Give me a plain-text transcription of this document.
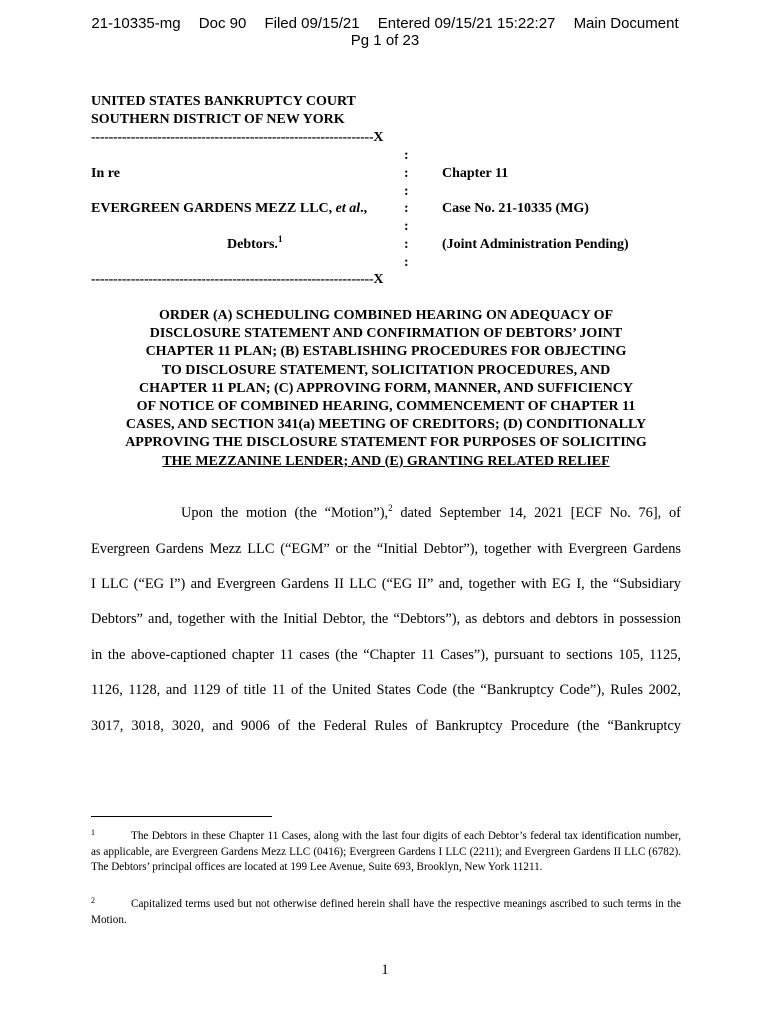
21-10335-mg Doc 90 Filed 09/15/21 Entered 09/15/21 15:22:27 Main Document
Pg 1 of 23
UNITED STATES BANKRUPTCY COURT
SOUTHERN DISTRICT OF NEW YORK
----------------------------------------------------------------X
:
:
:
:
:
:
:
In re
EVERGREEN GARDENS MEZZ LLC, et al.,
Debtors.$^1$
Chapter 11
Case No. 21-10335 (MG)
(Joint Administration Pending)
----------------------------------------------------------------X
ORDER (A) SCHEDULING COMBINED HEARING ON ADEQUACY OF
DISCLOSURE STATEMENT AND CONFIRMATION OF DEBTORS’ JOINT
CHAPTER 11 PLAN; (B) ESTABLISHING PROCEDURES FOR OBJECTING
TO DISCLOSURE STATEMENT, SOLICITATION PROCEDURES, AND
CHAPTER 11 PLAN; (C) APPROVING FORM, MANNER, AND SUFFICIENCY
OF NOTICE OF COMBINED HEARING, COMMENCEMENT OF CHAPTER 11
CASES, AND SECTION 341(a) MEETING OF CREDITORS; (D) CONDITIONALLY
APPROVING THE DISCLOSURE STATEMENT FOR PURPOSES OF SOLICITING
THE MEZZANINE LENDER; AND (E) GRANTING RELATED RELIEF
Upon the motion (the “Motion”),$^2$ dated September 14, 2021 [ECF No. 76], of
Evergreen Gardens Mezz LLC (“EGM” or the “Initial Debtor”), together with Evergreen Gardens
I LLC (“EG I”) and Evergreen Gardens II LLC (“EG II” and, together with EG I, the “Subsidiary
Debtors” and, together with the Initial Debtor, the “Debtors”), as debtors and debtors in possession
in the above-captioned chapter 11 cases (the “Chapter 11 Cases”), pursuant to sections 105, 1125,
1126, 1128, and 1129 of title 11 of the United States Code (the “Bankruptcy Code”), Rules 2002,
3017, 3018, 3020, and 9006 of the Federal Rules of Bankruptcy Procedure (the “Bankruptcy

$^1$	The Debtors in these Chapter 11 Cases, along with the last four digits of each Debtor’s federal tax identification number, as applicable, are Evergreen Gardens Mezz LLC (0416); Evergreen Gardens I LLC (2211); and Evergreen Gardens II LLC (6782). The Debtors’ principal offices are located at 199 Lee Avenue, Suite 693, Brooklyn, New York 11211.

$^2$	Capitalized terms used but not otherwise defined herein shall have the respective meanings ascribed to such terms in the Motion.

1
